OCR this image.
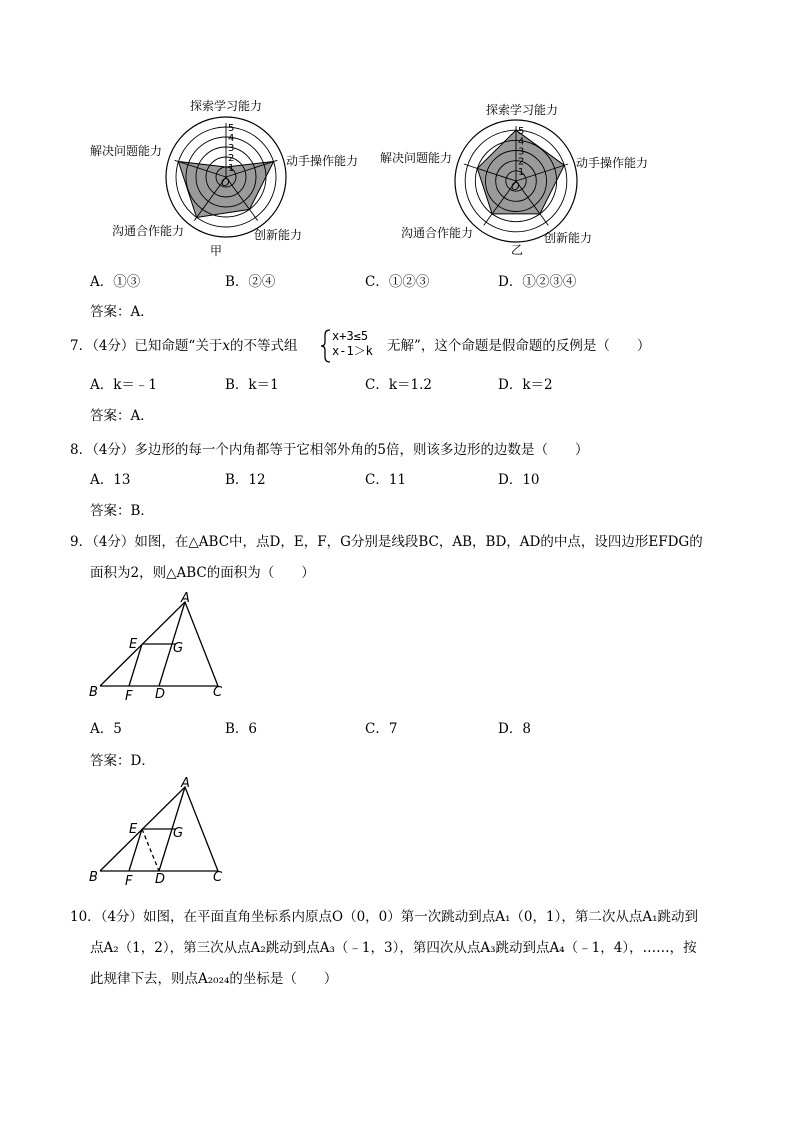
5
4
3
2
1
O
探索学习能力
动手操作能力
解决问题能力
创新能力
沟通合作能力
甲
5
4
3
2
1
O
探索学习能力
动手操作能力
解决问题能力
创新能力
沟通合作能力
乙
A．①③	B．②④	C．①②③	D．①②③④
答案：A．
7．（4分）已知命题“关于x的不等式组
x+3≤5
x-1＞k 无解”，这个命题是假命题的反例是（　　）
A．k＝﹣1	B．k＝1	C．k＝1.2	D．k＝2
答案：A．
8．（4分）多边形的每一个内角都等于它相邻外角的5倍，则该多边形的边数是（　　）
A．13	B．12	C．11	D．10
答案：B．
9．（4分）如图，在△ABC中，点D，E，F，G分别是线段BC，AB，BD，AD的中点，设四边形EFDG的
面积为2，则△ABC的面积为（　　）
A
B	C
D
E
F
G
A．5	B．6	C．7	D．8
答案：D．
A
B	C
D
E
F
G
10．（4分）如图，在平面直角坐标系内原点O（0，0）第一次跳动到点A₁（0，1），第二次从点A₁跳动到
点A₂（1，2），第三次从点A₂跳动到点A₃（﹣1，3），第四次从点A₃跳动到点A₄（﹣1，4），……，按
此规律下去，则点A₂₀₂₄的坐标是（　　）
